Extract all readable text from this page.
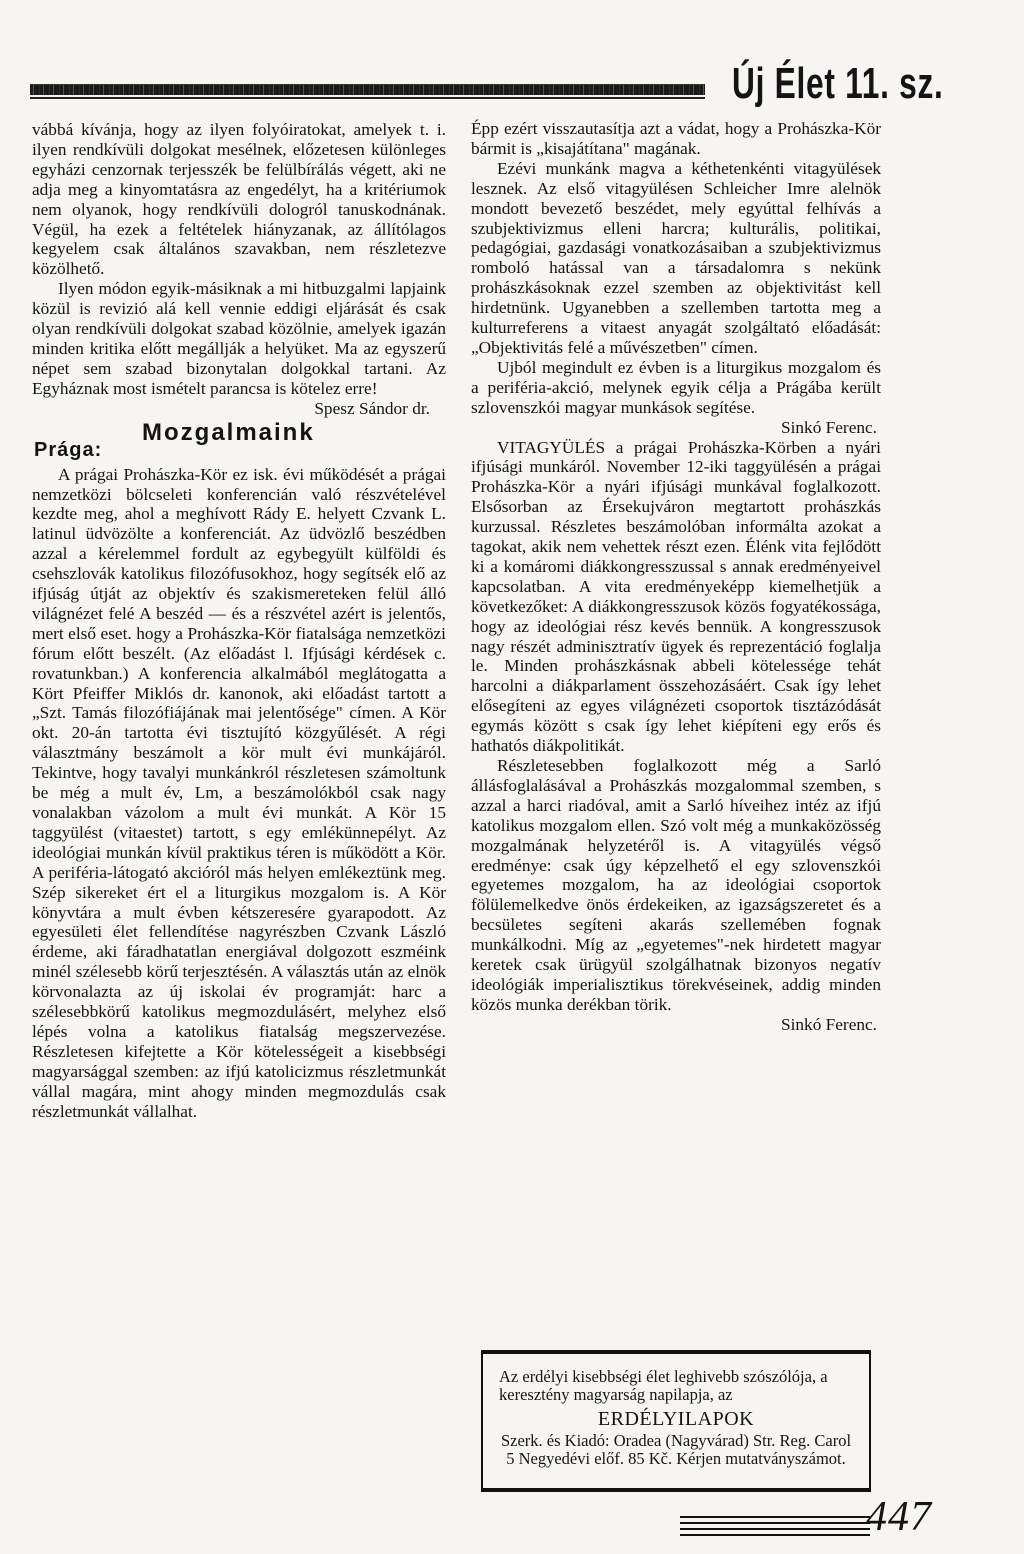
Új Élet 11. sz.

vábbá kívánja, hogy az ilyen folyóiratokat, amelyek t. i. ilyen rendkívüli dolgokat mesélnek, előzetesen különleges egyházi cenzornak terjesszék be felülbírálás végett, aki ne adja meg a kinyomtatásra az engedélyt, ha a kritériumok nem olyanok, hogy rendkívüli dologról tanuskodnának. Végül, ha ezek a feltételek hiányzanak, az állítólagos kegyelem csak általános szavakban, nem részletezve közölhető.

Ilyen módon egyik-másiknak a mi hitbuzgalmi lapjaink közül is revizió alá kell vennie eddigi eljárását és csak olyan rendkívüli dolgokat szabad közölnie, amelyek igazán minden kritika előtt megállják a helyüket. Ma az egyszerű népet sem szabad bizonytalan dolgokkal tartani. Az Egyháznak most ismételt parancsa is kötelez erre!

Spesz Sándor dr.

Mozgalmaink
Prága:

A prágai Prohászka-Kör ez isk. évi működését a prágai nemzetközi bölcseleti konferencián való részvételével kezdte meg, ahol a meghívott Rády E. helyett Czvank L. latinul üdvözölte a konferenciát. Az üdvözlő beszédben azzal a kérelemmel fordult az egybegyült külföldi és csehszlovák katolikus filozófusokhoz, hogy segítsék elő az ifjúság útját az objektív és szakismereteken felül álló világnézet felé A beszéd — és a részvétel azért is jelentős, mert első eset. hogy a Prohászka-Kör fiatalsága nemzetközi fórum előtt beszélt. (Az előadást l. Ifjúsági kérdések c. rovatunkban.) A konferencia alkalmából meglátogatta a Kört Pfeiffer Miklós dr. kanonok, aki előadást tartott a „Szt. Tamás filozófiájának mai jelentősége" címen. A Kör okt. 20-án tartotta évi tisztujító közgyűlését. A régi választmány beszámolt a kör mult évi munkájáról. Tekintve, hogy tavalyi munkánkról részletesen számoltunk be még a mult év, Lm, a beszámolókból csak nagy vonalakban vázolom a mult évi munkát. A Kör 15 taggyülést (vitaestet) tartott, s egy emlékünnepélyt. Az ideológiai munkán kívül praktikus téren is működött a Kör. A periféria-látogató akcióról más helyen emlékeztünk meg. Szép sikereket ért el a liturgikus mozgalom is. A Kör könyvtára a mult évben kétszeresére gyarapodott. Az egyesületi élet fellendítése nagyrészben Czvank László érdeme, aki fáradhatatlan energiával dolgozott eszméink minél szélesebb körű terjesztésén. A választás után az elnök körvonalazta az új iskolai év programját: harc a szélesebbkörű katolikus megmozdulásért, melyhez első lépés volna a katolikus fiatalság megszervezése. Részletesen kifejtette a Kör kötelességeit a kisebbségi magyarsággal szemben: az ifjú katolicizmus részletmunkát vállal magára, mint ahogy minden megmozdulás csak részletmunkát vállalhat.

Épp ezért visszautasítja azt a vádat, hogy a Prohászka-Kör bármit is „kisajátítana" magának.

Ezévi munkánk magva a kéthetenkénti vitagyülések lesznek. Az első vitagyülésen Schleicher Imre alelnök mondott bevezető beszédet, mely egyúttal felhívás a szubjektivizmus elleni harcra; kulturális, politikai, pedagógiai, gazdasági vonatkozásaiban a szubjektivizmus romboló hatással van a társadalomra s nekünk prohászkásoknak ezzel szemben az objektivitást kell hirdetnünk. Ugyanebben a szellemben tartotta meg a kulturreferens a vitaest anyagát szolgáltató előadását: „Objektivitás felé a művészetben" címen.

Ujból megindult ez évben is a liturgikus mozgalom és a periféria-akció, melynek egyik célja a Prágába került szlovenszkói magyar munkások segítése.

Sinkó Ferenc.

VITAGYÜLÉS a prágai Prohászka-Körben a nyári ifjúsági munkáról. November 12-iki taggyülésén a prágai Prohászka-Kör a nyári ifjúsági munkával foglalkozott. Elsősorban az Érsekujváron megtartott prohászkás kurzussal. Részletes beszámolóban informálta azokat a tagokat, akik nem vehettek részt ezen. Élénk vita fejlődött ki a komáromi diákkongresszussal s annak eredményeivel kapcsolatban. A vita eredményeképp kiemelhetjük a következőket: A diákkongresszusok közös fogyatékossága, hogy az ideológiai rész kevés bennük. A kongresszusok nagy részét adminisztratív ügyek és reprezentáció foglalja le. Minden prohászkásnak abbeli kötelessége tehát harcolni a diákparlament összehozásáért. Csak így lehet elősegíteni az egyes világnézeti csoportok tisztázódását egymás között s csak így lehet kiépíteni egy erős és hathatós diákpolitikát.

Részletesebben foglalkozott még a Sarló állásfoglalásával a Prohászkás mozgalommal szemben, s azzal a harci riadóval, amit a Sarló híveihez intéz az ifjú katolikus mozgalom ellen. Szó volt még a munkaközösség mozgalmának helyzetéről is. A vitagyülés végső eredménye: csak úgy képzelhető el egy szlovenszkói egyetemes mozgalom, ha az ideológiai csoportok fölülemelkedve önös érdekeiken, az igazságszeretet és a becsületes segíteni akarás szellemében fognak munkálkodni. Míg az „egyetemes"-nek hirdetett magyar keretek csak ürügyül szolgálhatnak bizonyos negatív ideológiák imperialisztikus törekvéseinek, addig minden közös munka derékban törik.

Sinkó Ferenc.

Az erdélyi kisebbségi élet leghivebb szószólója, a keresztény magyarság napilapja, az
ERDÉLYILAPOK
Szerk. és Kiadó: Oradea (Nagyvárad) Str. Reg. Carol 5 Negyedévi előf. 85 Kč. Kérjen mutatványszámot.
447
